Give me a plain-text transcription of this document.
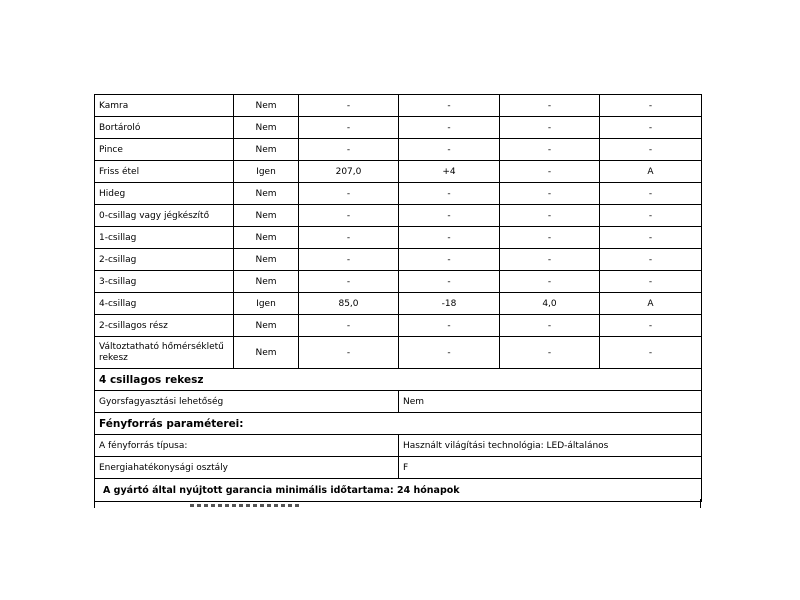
Kamra	Nem	-	-	-	-
Bortároló	Nem	-	-	-	-
Pince	Nem	-	-	-	-
Friss étel	Igen	207,0	+4	-	A
Hideg	Nem	-	-	-	-
0-csillag vagy jégkészítő	Nem	-	-	-	-
1-csillag	Nem	-	-	-	-
2-csillag	Nem	-	-	-	-
3-csillag	Nem	-	-	-	-
4-csillag	Igen	85,0	-18	4,0	A
2-csillagos rész	Nem	-	-	-	-
Változtatható hőmérsékletű rekesz	Nem	-	-	-	-
4 csillagos rekesz					
Gyorsfagyasztási lehetőség			Nem		
Fényforrás paraméterei:					
A fényforrás típusa:			Használt világítási technológia: LED-általános		
Energiahatékonysági osztály			F		
A gyártó által nyújtott garancia minimális időtartama: 24 hónapok					
